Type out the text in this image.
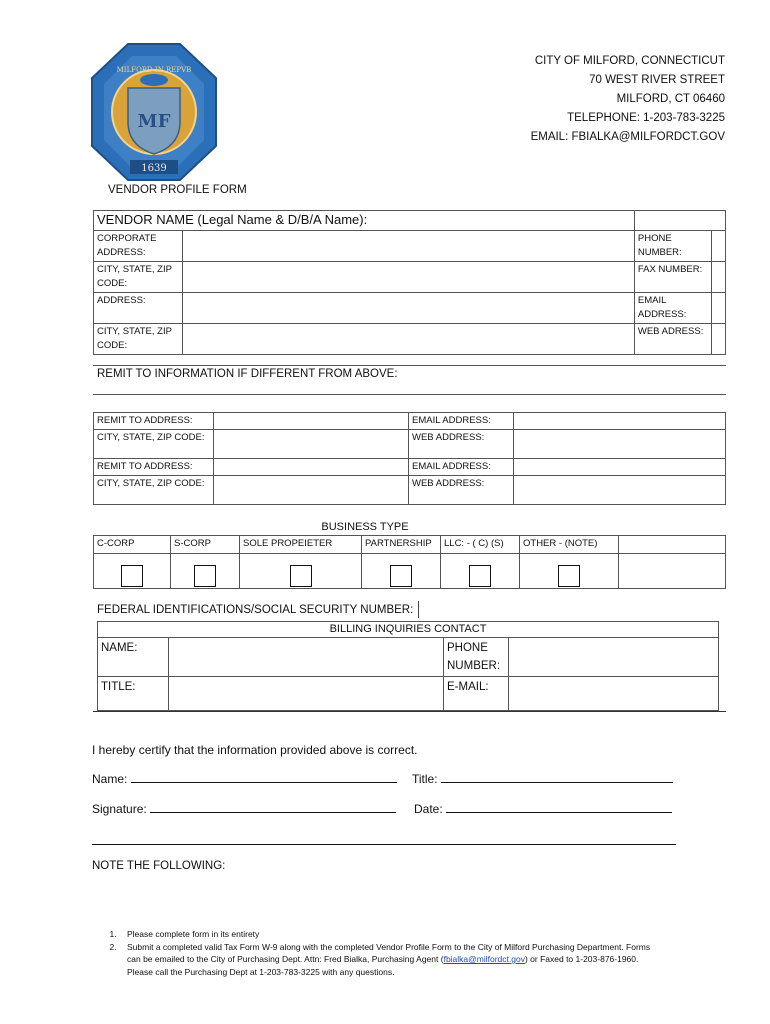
MF
1639
MILFORD IN REPVB
CITY OF MILFORD, CONNECTICUT
70 WEST RIVER STREET
MILFORD, CT 06460
TELEPHONE: 1-203-783-3225
EMAIL: FBIALKA@MILFORDCT.GOV
VENDOR PROFILE FORM
VENDOR NAME (Legal Name & D/B/A Name):			
CORPORATE ADDRESS:		PHONE NUMBER:	
CITY, STATE, ZIP CODE:		FAX NUMBER:	
ADDRESS:		EMAIL ADDRESS:	
CITY, STATE, ZIP CODE:		WEB ADRESS:	
REMIT TO INFORMATION IF DIFFERENT FROM ABOVE:
REMIT TO ADDRESS:		EMAIL ADDRESS:	
CITY, STATE, ZIP CODE:		WEB ADDRESS:	
REMIT TO ADDRESS:		EMAIL ADDRESS:	
CITY, STATE, ZIP CODE:		WEB ADDRESS:	
BUSINESS TYPE
C-CORP	S-CORP	SOLE PROPEIETER	PARTNERSHIP	LLC: - ( C) (S)	OTHER - (NOTE)	

FEDERAL IDENTIFICATIONS/SOCIAL SECURITY NUMBER:
BILLING INQUIRIES CONTACT			
NAME:		PHONE NUMBER:	
TITLE:		E-MAIL:	
I hereby certify that the information provided above is correct.
Name:	Title:
Signature:	Date:
NOTE THE FOLLOWING:
1. Please complete form in its entirety
2. Submit a completed valid Tax Form W-9 along with the completed Vendor Profile Form to the City of Milford Purchasing Department. Forms can be emailed to the City of Purchasing Dept. Attn: Fred Bialka, Purchasing Agent (fbialka@milfordct.gov) or Faxed to 1-203-876-1960. Please call the Purchasing Dept at 1-203-783-3225 with any questions.
